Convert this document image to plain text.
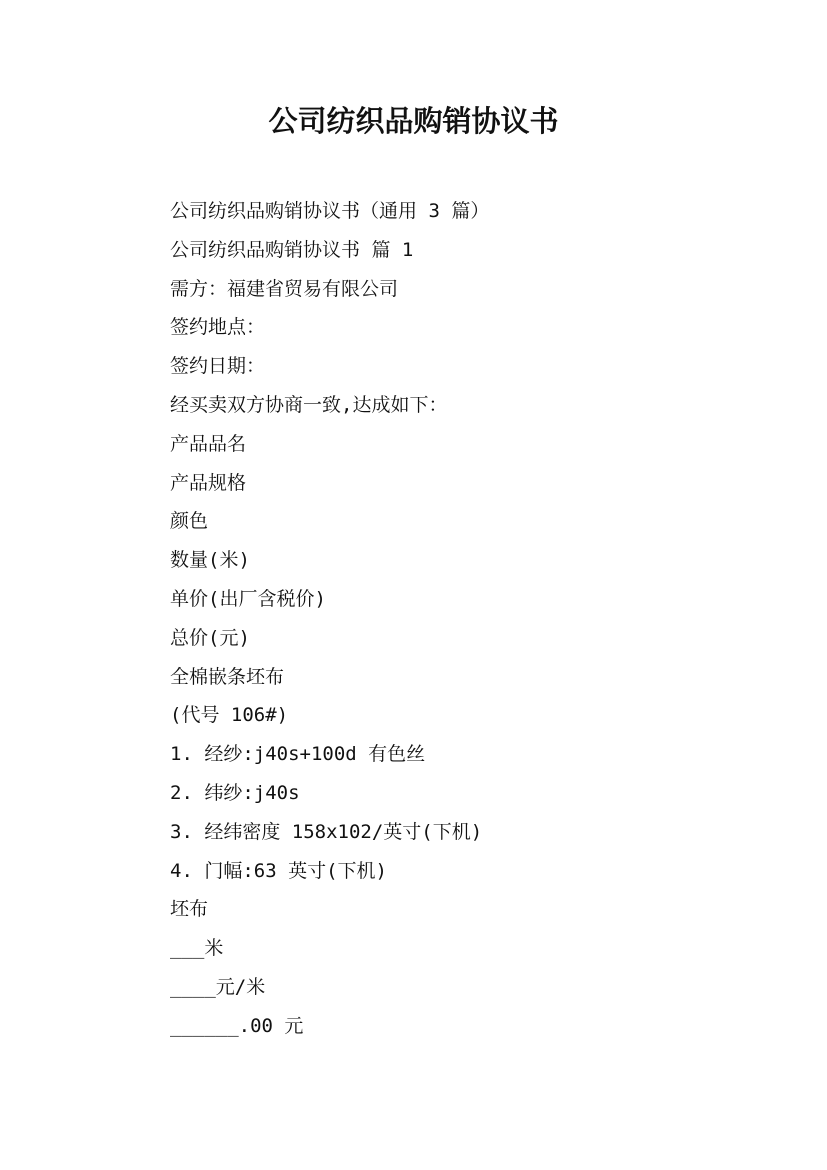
公司纺织品购销协议书
公司纺织品购销协议书（通用 3 篇）
公司纺织品购销协议书 篇 1
需方：福建省贸易有限公司
签约地点：
签约日期：
经买卖双方协商一致,达成如下：
产品品名
产品规格
颜色
数量(米)
单价(出厂含税价)
总价(元)
全棉嵌条坯布
(代号 106#)
1. 经纱:j40s+100d 有色丝
2. 纬纱:j40s
3. 经纬密度 158x102/英寸(下机)
4. 门幅:63 英寸(下机)
坯布
___米
____元/米
______.00 元
